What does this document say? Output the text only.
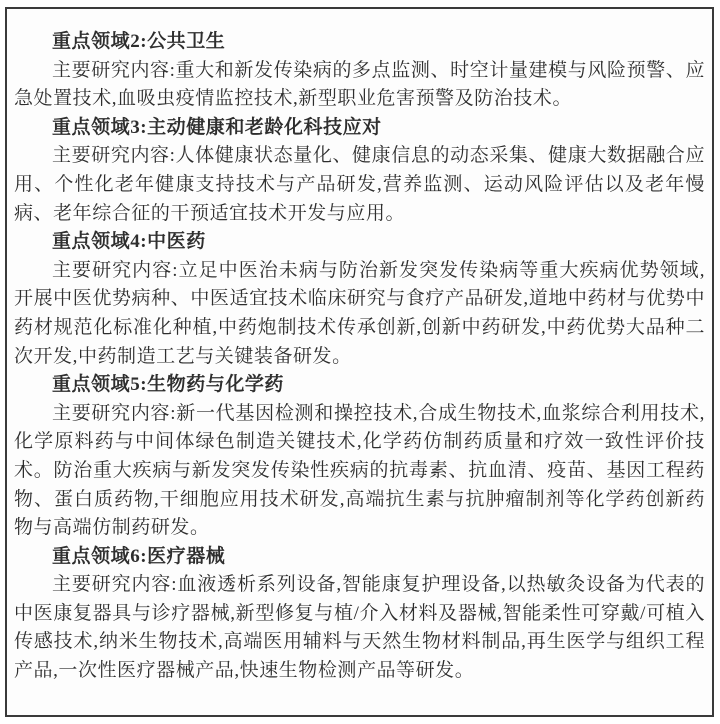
重点领域2:公共卫生

主要研究内容:重大和新发传染病的多点监测、时空计量建模与风险预警、应急处置技术,血吸虫疫情监控技术,新型职业危害预警及防治技术。

重点领域3:主动健康和老龄化科技应对

主要研究内容:人体健康状态量化、健康信息的动态采集、健康大数据融合应用、个性化老年健康支持技术与产品研发,营养监测、运动风险评估以及老年慢病、老年综合征的干预适宜技术开发与应用。

重点领域4:中医药

主要研究内容:立足中医治未病与防治新发突发传染病等重大疾病优势领域,开展中医优势病种、中医适宜技术临床研究与食疗产品研发,道地中药材与优势中药材规范化标准化种植,中药炮制技术传承创新,创新中药研发,中药优势大品种二次开发,中药制造工艺与关键装备研发。

重点领域5:生物药与化学药

主要研究内容:新一代基因检测和操控技术,合成生物技术,血浆综合利用技术,化学原料药与中间体绿色制造关键技术,化学药仿制药质量和疗效一致性评价技术。防治重大疾病与新发突发传染性疾病的抗毒素、抗血清、疫苗、基因工程药物、蛋白质药物,干细胞应用技术研发,高端抗生素与抗肿瘤制剂等化学药创新药物与高端仿制药研发。

重点领域6:医疗器械

主要研究内容:血液透析系列设备,智能康复护理设备,以热敏灸设备为代表的中医康复器具与诊疗器械,新型修复与植/介入材料及器械,智能柔性可穿戴/可植入传感技术,纳米生物技术,高端医用辅料与天然生物材料制品,再生医学与组织工程产品,一次性医疗器械产品,快速生物检测产品等研发。
